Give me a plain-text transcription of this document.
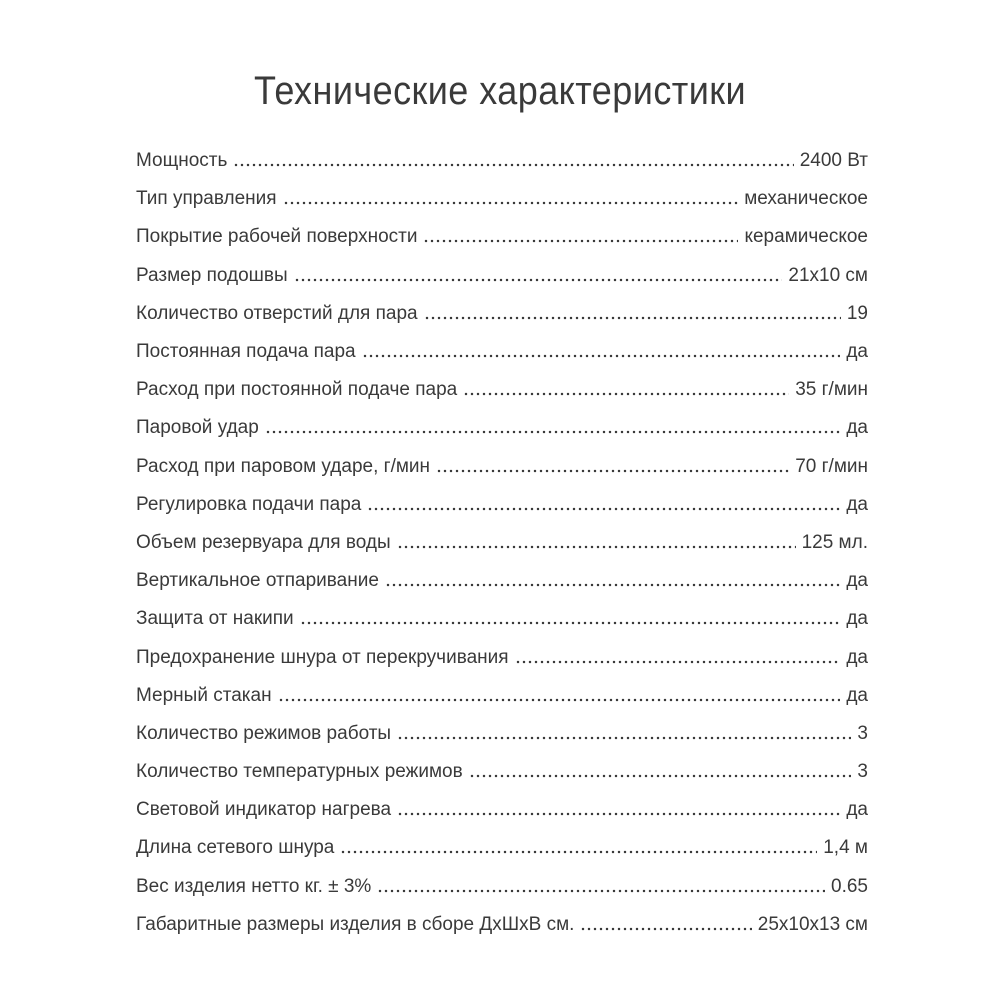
Технические характеристики
Мощность	2400 Вт
Тип управления	механическое
Покрытие рабочей поверхности	керамическое
Размер подошвы	21х10 см
Количество отверстий для пара	19
Постоянная подача пара	да
Расход при постоянной подаче пара	35 г/мин
Паровой удар	да
Расход при паровом ударе, г/мин	70 г/мин
Регулировка подачи пара	да
Объем резервуара для воды	125 мл.
Вертикальное отпаривание	да
Защита от накипи	да
Предохранение шнура от перекручивания	да
Мерный стакан	да
Количество режимов работы	3
Количество температурных режимов	3
Световой индикатор нагрева	да
Длина сетевого шнура	1,4 м
Вес изделия нетто кг. ± 3%	0.65
Габаритные размеры изделия в сборе ДхШхВ см.	25х10х13 см
